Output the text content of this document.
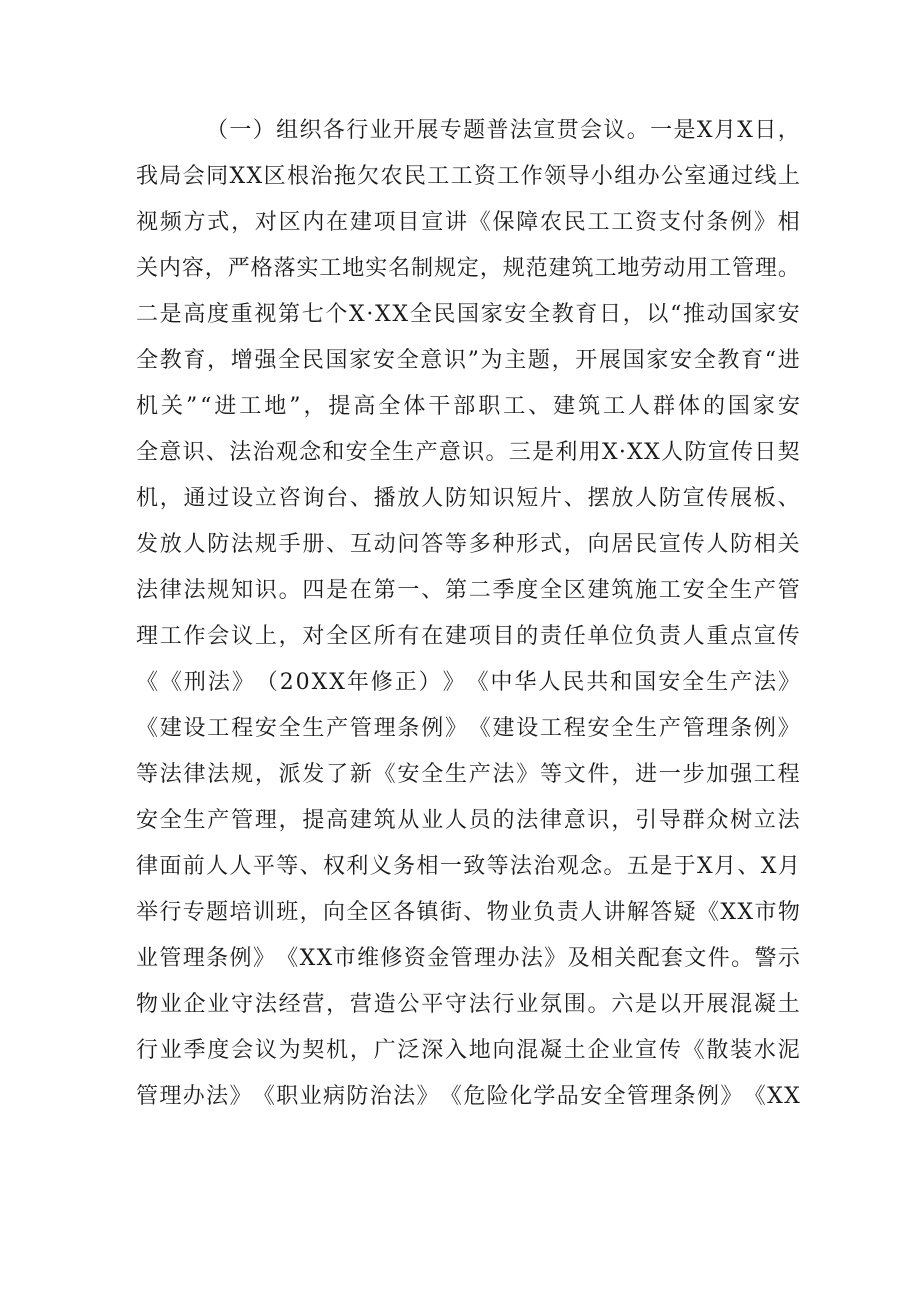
（ 一 ） 组 织 各 行 业 开 展 专 题 普 法 宣 贯 会 议 。 一 是 X 月 X 日 ，
我 局 会 同 X X 区 根 治 拖 欠 农 民 工 工 资 工 作 领 导 小 组 办 公 室 通 过 线 上
视 频 方 式 ， 对 区 内 在 建 项 目 宣 讲 《 保 障 农 民 工 工 资 支 付 条 例 》 相
关 内 容 ， 严 格 落 实 工 地 实 名 制 规 定 ， 规 范 建 筑 工 地 劳 动 用 工 管 理 。
二 是 高 度 重 视 第 七 个 X · X X 全 民 国 家 安 全 教 育 日 ， 以 “ 推 动 国 家 安
全 教 育 ， 增 强 全 民 国 家 安 全 意 识 ” 为 主 题 ， 开 展 国 家 安 全 教 育 “ 进
机 关 ” “ 进 工 地 ” ， 提 高 全 体 干 部 职 工 、 建 筑 工 人 群 体 的 国 家 安
全 意 识 、 法 治 观 念 和 安 全 生 产 意 识 。 三 是 利 用 X · X X 人 防 宣 传 日 契
机 ， 通 过 设 立 咨 询 台 、 播 放 人 防 知 识 短 片 、 摆 放 人 防 宣 传 展 板 、
发 放 人 防 法 规 手 册 、 互 动 问 答 等 多 种 形 式 ， 向 居 民 宣 传 人 防 相 关
法 律 法 规 知 识 。 四 是 在 第 一 、 第 二 季 度 全 区 建 筑 施 工 安 全 生 产 管
理 工 作 会 议 上 ， 对 全 区 所 有 在 建 项 目 的 责 任 单 位 负 责 人 重 点 宣 传
《 《 刑 法 》 （ 2 0 X X 年 修 正 ） 》 《 中 华 人 民 共 和 国 安 全 生 产 法 》
《 建 设 工 程 安 全 生 产 管 理 条 例 》 《 建 设 工 程 安 全 生 产 管 理 条 例 》
等 法 律 法 规 ， 派 发 了 新 《 安 全 生 产 法 》 等 文 件 ， 进 一 步 加 强 工 程
安 全 生 产 管 理 ， 提 高 建 筑 从 业 人 员 的 法 律 意 识 ， 引 导 群 众 树 立 法
律 面 前 人 人 平 等 、 权 利 义 务 相 一 致 等 法 治 观 念 。 五 是 于 X 月 、 X 月
举 行 专 题 培 训 班 ， 向 全 区 各 镇 街 、 物 业 负 责 人 讲 解 答 疑 《 X X 市 物
业 管 理 条 例 》 《 X X 市 维 修 资 金 管 理 办 法 》 及 相 关 配 套 文 件 。 警 示
物 业 企 业 守 法 经 营 ， 营 造 公 平 守 法 行 业 氛 围 。 六 是 以 开 展 混 凝 土
行 业 季 度 会 议 为 契 机 ， 广 泛 深 入 地 向 混 凝 土 企 业 宣 传 《 散 装 水 泥
管 理 办 法 》 《 职 业 病 防 治 法 》 《 危 险 化 学 品 安 全 管 理 条 例 》 《 X X
